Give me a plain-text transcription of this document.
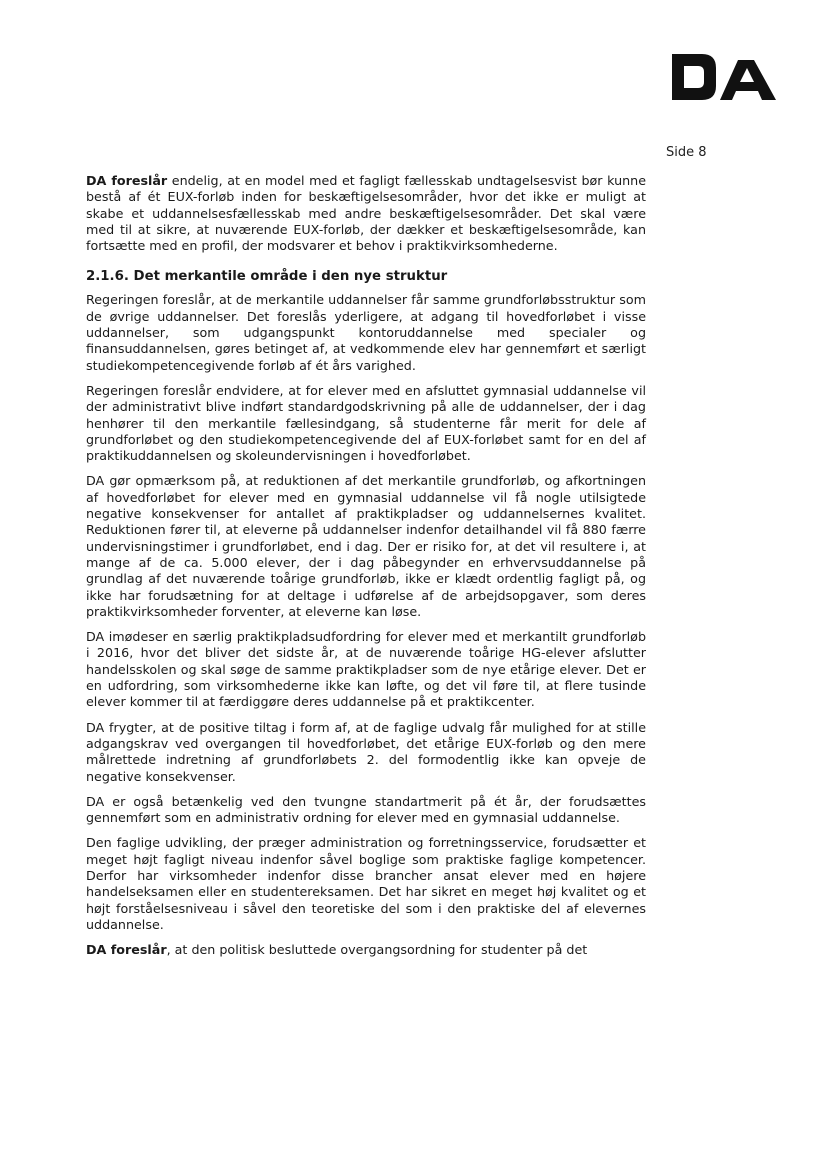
Side 8

DA foreslår endelig, at en model med et fagligt fællesskab undtagelsesvist bør kunne bestå af ét EUX-forløb inden for beskæftigelsesområder, hvor det ikke er muligt at skabe et uddannelsesfællesskab med andre beskæftigelsesområder. Det skal være med til at sikre, at nuværende EUX-forløb, der dækker et beskæftigelsesområde, kan fortsætte med en profil, der modsvarer et behov i praktikvirksomhederne.

2.1.6. Det merkantile område i den nye struktur

Regeringen foreslår, at de merkantile uddannelser får samme grundforløbsstruktur som de øvrige uddannelser. Det foreslås yderligere, at adgang til hovedforløbet i visse uddannelser, som udgangspunkt kontoruddannelse med specialer og finansuddannelsen, gøres betinget af, at vedkommende elev har gennemført et særligt studiekompetencegivende forløb af ét års varighed.

Regeringen foreslår endvidere, at for elever med en afsluttet gymnasial uddannelse vil der administrativt blive indført standardgodskrivning på alle de uddannelser, der i dag henhører til den merkantile fællesindgang, så studenterne får merit for dele af grundforløbet og den studiekompetencegivende del af EUX-forløbet samt for en del af praktikuddannelsen og skoleundervisningen i hovedforløbet.

DA gør opmærksom på, at reduktionen af det merkantile grundforløb, og afkortningen af hovedforløbet for elever med en gymnasial uddannelse vil få nogle utilsigtede negative konsekvenser for antallet af praktikpladser og uddannelsernes kvalitet. Reduktionen fører til, at eleverne på uddannelser indenfor detailhandel vil få 880 færre undervisningstimer i grundforløbet, end i dag. Der er risiko for, at det vil resultere i, at mange af de ca. 5.000 elever, der i dag påbegynder en erhvervsuddannelse på grundlag af det nuværende toårige grundforløb, ikke er klædt ordentlig fagligt på, og ikke har forudsætning for at deltage i udførelse af de arbejdsopgaver, som deres praktikvirksomheder forventer, at eleverne kan løse.

DA imødeser en særlig praktikpladsudfordring for elever med et merkantilt grundforløb i 2016, hvor det bliver det sidste år, at de nuværende toårige HG-elever afslutter handelsskolen og skal søge de samme praktikpladser som de nye etårige elever. Det er en udfordring, som virksomhederne ikke kan løfte, og det vil føre til, at flere tusinde elever kommer til at færdiggøre deres uddannelse på et praktikcenter.

DA frygter, at de positive tiltag i form af, at de faglige udvalg får mulighed for at stille adgangskrav ved overgangen til hovedforløbet, det etårige EUX-forløb og den mere målrettede indretning af grundforløbets 2. del formodentlig ikke kan opveje de negative konsekvenser.

DA er også betænkelig ved den tvungne standartmerit på ét år, der forudsættes gennemført som en administrativ ordning for elever med en gymnasial uddannelse.

Den faglige udvikling, der præger administration og forretningsservice, forudsætter et meget højt fagligt niveau indenfor såvel boglige som praktiske faglige kompetencer. Derfor har virksomheder indenfor disse brancher ansat elever med en højere handelseksamen eller en studentereksamen. Det har sikret en meget høj kvalitet og et højt forståelsesniveau i såvel den teoretiske del som i den praktiske del af elevernes uddannelse.

DA foreslår, at den politisk besluttede overgangsordning for studenter på det
